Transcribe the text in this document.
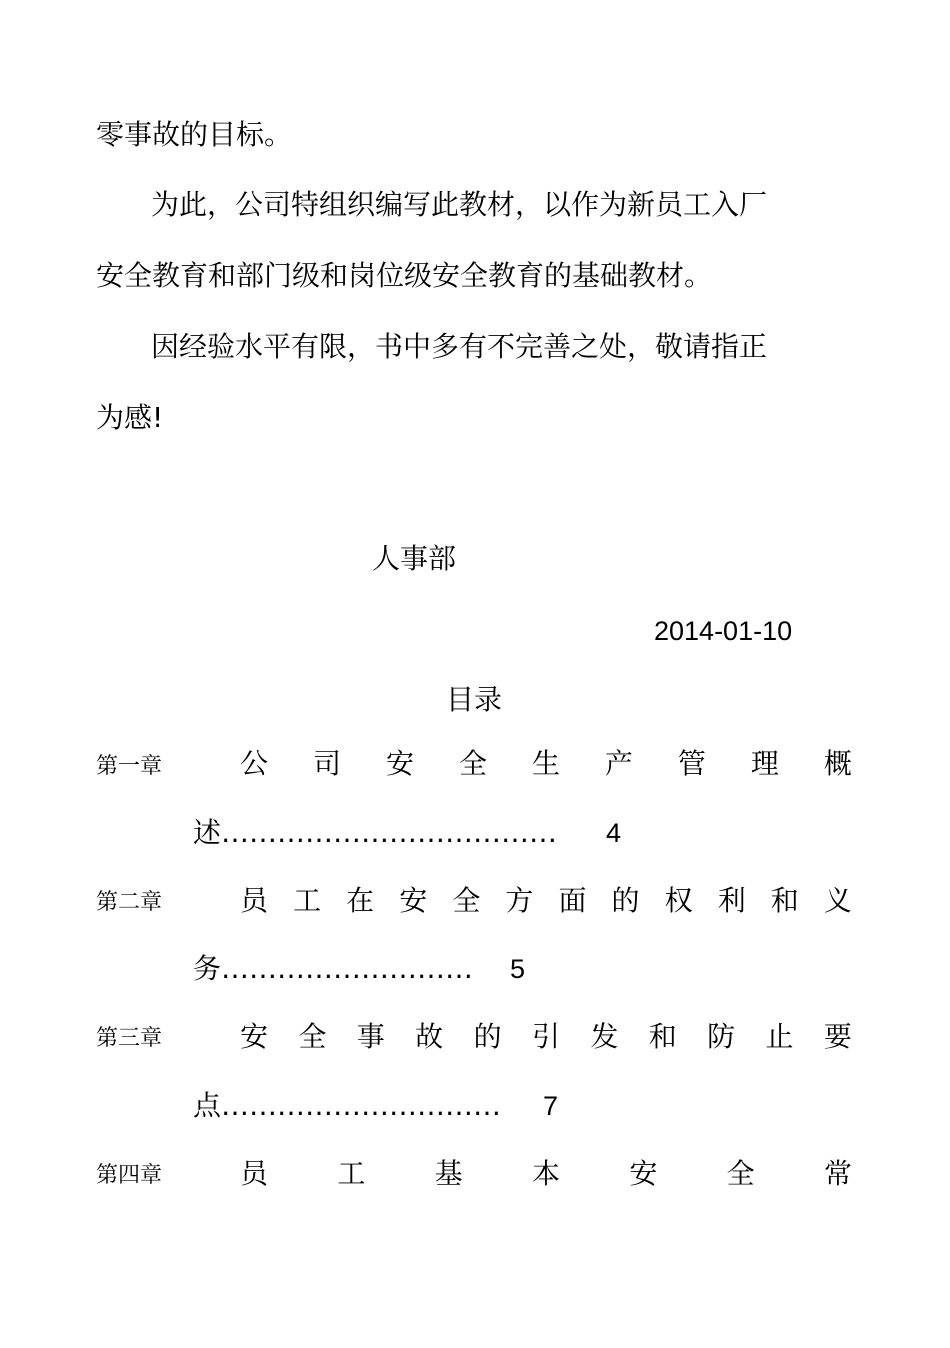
零事故的目标。
为此，公司特组织编写此教材，以作为新员工入厂
安全教育和部门级和岗位级安全教育的基础教材。
因经验水平有限，书中多有不完善之处，敬请指正
为感!
人事部
2014-01-10
目录
第一章	公 司 安 全 生 产 管 理 概
述……………………………… 4
第二章	员 工 在 安 全 方 面 的 权 利 和 义
务……………………… 5
第三章	安 全 事 故 的 引 发 和 防 止 要
点………………………… 7
第四章	员 工 基 本 安 全 常
